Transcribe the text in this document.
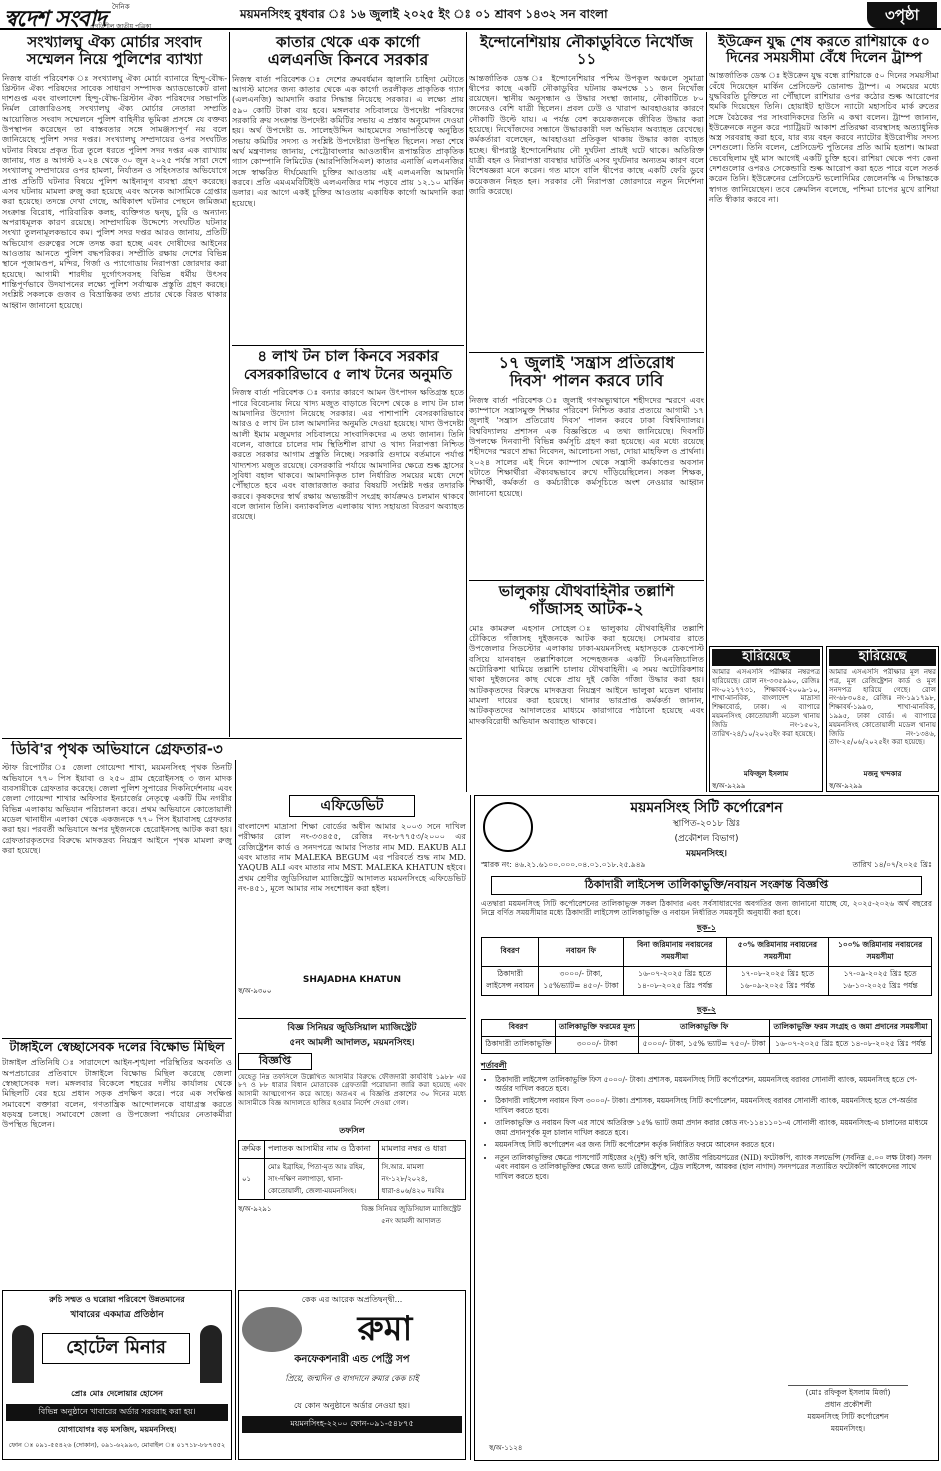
দৈনিক
স্বদেশ সংবাদ
প্রগতিশীল জাতীয় পত্রিকা
ময়মনসিংহ বুধবার ঃ ১৬ জুলাই ২০২৫ ইং ঃ ০১ শ্রাবণ ১৪৩২ সন বাংলা	৩পৃষ্ঠা
সংখ্যালঘু ঐক্য মোর্চার সংবাদ
সম্মেলন নিয়ে পুলিশের ব্যাখ্যা
নিজস্ব বার্তা পরিবেশক ঃ সংখ্যালঘু ঐক্য মোর্চা ব্যানারে হিন্দু-বৌদ্ধ-খ্রিস্টান ঐক্য পরিষদের সাবেক সাধারণ সম্পাদক অ্যাডভোকেট রানা দাশগুপ্ত এবং বাংলাদেশ হিন্দু-বৌদ্ধ-খ্রিস্টান ঐক্য পরিষদের সভাপতি নির্মল রোজারিওসহ সংখ্যালঘু ঐক্য মোর্চার নেতারা সম্প্রতি আয়োজিত সংবাদ সম্মেলনে পুলিশ বাহিনীর ভূমিকা প্রসঙ্গে যে বক্তব্য উপস্থাপন করেছেন তা বাস্তবতার সঙ্গে সামঞ্জস্যপূর্ণ নয় বলে জানিয়েছে পুলিশ সদর দপ্তর। সংখ্যালঘু সম্প্রদায়ের ওপর সংঘটিত ঘটনার বিষয়ে প্রকৃত চিত্র তুলে ধরতে পুলিশ সদর দপ্তর এক ব্যাখ্যায় জানায়, গত ৪ আগস্ট ২০২৪ থেকে ৩০ জুন ২০২৫ পর্যন্ত সারা দেশে সংখ্যালঘু সম্প্রদায়ের ওপর হামলা, নির্যাতন ও সহিংসতার অভিযোগে প্রাপ্ত প্রতিটি ঘটনার বিষয়ে পুলিশ আইনানুগ ব্যবস্থা গ্রহণ করেছে। এসব ঘটনায় মামলা রুজু করা হয়েছে এবং অনেক আসামিকে গ্রেপ্তার করা হয়েছে। তদন্তে দেখা গেছে, অধিকাংশ ঘটনার পেছনে জমিজমা সংক্রান্ত বিরোধ, পারিবারিক কলহ, ব্যক্তিগত দ্বন্দ্ব, চুরি ও অন্যান্য অপরাধমূলক কারণ রয়েছে। সাম্প্রদায়িক উদ্দেশ্যে সংঘটিত ঘটনার সংখ্যা তুলনামূলকভাবে কম। পুলিশ সদর দপ্তর আরও জানায়, প্রতিটি অভিযোগ গুরুত্বের সঙ্গে তদন্ত করা হচ্ছে এবং দোষীদের আইনের আওতায় আনতে পুলিশ বদ্ধপরিকর। সম্প্রীতি রক্ষায় দেশের বিভিন্ন স্থানে পূজামণ্ডপ, মন্দির, গির্জা ও প্যাগোডায় নিরাপত্তা জোরদার করা হয়েছে। আগামী শারদীয় দুর্গোৎসবসহ বিভিন্ন ধর্মীয় উৎসব শান্তিপূর্ণভাবে উদযাপনের লক্ষ্যে পুলিশ সর্বাত্মক প্রস্তুতি গ্রহণ করছে। সংশ্লিষ্ট সকলকে গুজব ও বিভ্রান্তিকর তথ্য প্রচার থেকে বিরত থাকার আহ্বান জানানো হয়েছে।
কাতার থেকে এক কার্গো
এলএনজি কিনবে সরকার
নিজস্ব বার্তা পরিবেশক ঃ দেশের ক্রমবর্ধমান জ্বালানি চাহিদা মেটাতে আগস্ট মাসের জন্য কাতার থেকে এক কার্গো তরলীকৃত প্রাকৃতিক গ্যাস (এলএনজি) আমদানি করার সিদ্ধান্ত নিয়েছে সরকার। এ লক্ষ্যে প্রায় ৫৯০ কোটি টাকা ব্যয় হবে। মঙ্গলবার সচিবালয়ে উপদেষ্টা পরিষদের সরকারি ক্রয় সংক্রান্ত উপদেষ্টা কমিটির সভায় এ প্রস্তাব অনুমোদন দেওয়া হয়। অর্থ উপদেষ্টা ড. সালেহউদ্দিন আহমেদের সভাপতিত্বে অনুষ্ঠিত সভায় কমিটির সদস্য ও সংশ্লিষ্ট উপদেষ্টারা উপস্থিত ছিলেন। সভা শেষে অর্থ মন্ত্রণালয় জানায়, পেট্রোবাংলার আওতাধীন রূপান্তরিত প্রাকৃতিক গ্যাস কোম্পানি লিমিটেড (আরপিজিসিএল) কাতার এনার্জি এলএনজির সঙ্গে স্বাক্ষরিত দীর্ঘমেয়াদি চুক্তির আওতায় এই এলএনজি আমদানি করবে। প্রতি এমএমবিটিইউ এলএনজির দাম পড়বে প্রায় ১২.১০ মার্কিন ডলার। এর আগে একই চুক্তির আওতায় একাধিক কার্গো আমদানি করা হয়েছে।
৪ লাখ টন চাল কিনবে সরকার
বেসরকারিভাবে ৫ লাখ টনের অনুমতি
নিজস্ব বার্তা পরিবেশক ঃ বন্যার কারণে আমন উৎপাদন ক্ষতিগ্রস্ত হতে পারে বিবেচনায় নিয়ে খাদ্য মজুত বাড়াতে বিদেশ থেকে ৪ লাখ টন চাল আমদানির উদ্যোগ নিয়েছে সরকার। এর পাশাপাশি বেসরকারিভাবে আরও ৫ লাখ টন চাল আমদানির অনুমতি দেওয়া হয়েছে। খাদ্য উপদেষ্টা আলী ইমাম মজুমদার সচিবালয়ে সাংবাদিকদের এ তথ্য জানান। তিনি বলেন, বাজারে চালের দাম স্থিতিশীল রাখা ও খাদ্য নিরাপত্তা নিশ্চিত করতে সরকার আগাম প্রস্তুতি নিচ্ছে। সরকারি গুদামে বর্তমানে পর্যাপ্ত খাদ্যশস্য মজুত রয়েছে। বেসরকারি পর্যায়ে আমদানির ক্ষেত্রে শুল্ক হ্রাসের সুবিধা বহাল থাকবে। আমদানিকৃত চাল নির্ধারিত সময়ের মধ্যে দেশে পৌঁছাতে হবে এবং বাজারজাত করার বিষয়টি সংশ্লিষ্ট দপ্তর তদারকি করবে। কৃষকদের স্বার্থ রক্ষায় অভ্যন্তরীণ সংগ্রহ কার্যক্রমও চলমান থাকবে বলে জানান তিনি। বন্যাকবলিত এলাকায় খাদ্য সহায়তা বিতরণ অব্যাহত রয়েছে।
ইন্দোনেশিয়ায় নৌকাডুবিতে নিখোঁজ ১১
আন্তর্জাতিক ডেস্ক ঃ ইন্দোনেশিয়ার পশ্চিম উপকূল অঞ্চলে সুমাত্রা দ্বীপের কাছে একটি নৌকাডুবির ঘটনায় কমপক্ষে ১১ জন নিখোঁজ রয়েছেন। স্থানীয় অনুসন্ধান ও উদ্ধার সংস্থা জানায়, নৌকাটিতে ৮০ জনেরও বেশি যাত্রী ছিলেন। প্রবল ঢেউ ও খারাপ আবহাওয়ার কারণে নৌকাটি উল্টে যায়। এ পর্যন্ত বেশ কয়েকজনকে জীবিত উদ্ধার করা হয়েছে। নিখোঁজদের সন্ধানে উদ্ধারকারী দল অভিযান অব্যাহত রেখেছে। কর্মকর্তারা বলেছেন, আবহাওয়া প্রতিকূল থাকায় উদ্ধার কাজ ব্যাহত হচ্ছে। দ্বীপরাষ্ট্র ইন্দোনেশিয়ায় নৌ দুর্ঘটনা প্রায়ই ঘটে থাকে। অতিরিক্ত যাত্রী বহন ও নিরাপত্তা ব্যবস্থার ঘাটতি এসব দুর্ঘটনার অন্যতম কারণ বলে বিশেষজ্ঞরা মনে করেন। গত মাসে বালি দ্বীপের কাছে একটি ফেরি ডুবে কয়েকজন নিহত হন। সরকার নৌ নিরাপত্তা জোরদারে নতুন নির্দেশনা জারি করেছে।
১৭ জুলাই 'সন্ত্রাস প্রতিরোধ
দিবস' পালন করবে ঢাবি
নিজস্ব বার্তা পরিবেশক ঃ জুলাই গণঅভ্যুত্থানে শহীদদের স্মরণে এবং ক্যাম্পাসে সন্ত্রাসমুক্ত শিক্ষার পরিবেশ নিশ্চিত করার প্রত্যয়ে আগামী ১৭ জুলাই 'সন্ত্রাস প্রতিরোধ দিবস' পালন করবে ঢাকা বিশ্ববিদ্যালয়। বিশ্ববিদ্যালয় প্রশাসন এক বিজ্ঞপ্তিতে এ তথ্য জানিয়েছে। দিবসটি উপলক্ষে দিনব্যাপী বিভিন্ন কর্মসূচি গ্রহণ করা হয়েছে। এর মধ্যে রয়েছে শহীদদের স্মরণে শ্রদ্ধা নিবেদন, আলোচনা সভা, দোয়া মাহফিল ও প্রার্থনা। ২০২৪ সালের এই দিনে ক্যাম্পাস থেকে সন্ত্রাসী কর্মকাণ্ডের অবসান ঘটাতে শিক্ষার্থীরা ঐক্যবদ্ধভাবে রুখে দাঁড়িয়েছিলেন। সকল শিক্ষক, শিক্ষার্থী, কর্মকর্তা ও কর্মচারীকে কর্মসূচিতে অংশ নেওয়ার আহ্বান জানানো হয়েছে।
ভালুকায় যৌথবাহিনীর তল্লাশি
গাঁজাসহ আটক-২
মোঃ কামরুল এহসান সোহেল ঃ ভালুকায় যৌথবাহিনীর তল্লাশি চৌকিতে গাঁজাসহ দুইজনকে আটক করা হয়েছে। সোমবার রাতে উপজেলার সিডস্টোর এলাকায় ঢাকা-ময়মনসিংহ মহাসড়কে চেকপোস্ট বসিয়ে যানবাহন তল্লাশিকালে সন্দেহজনক একটি সিএনজিচালিত অটোরিকশা থামিয়ে তল্লাশি চালায় যৌথবাহিনী। এ সময় অটোরিকশায় থাকা দুইজনের কাছ থেকে প্রায় দুই কেজি গাঁজা উদ্ধার করা হয়। আটককৃতদের বিরুদ্ধে মাদকদ্রব্য নিয়ন্ত্রণ আইনে ভালুকা মডেল থানায় মামলা দায়ের করা হয়েছে। থানার ভারপ্রাপ্ত কর্মকর্তা জানান, আটককৃতদের আদালতের মাধ্যমে কারাগারে পাঠানো হয়েছে এবং মাদকবিরোধী অভিযান অব্যাহত থাকবে।
ইউক্রেন যুদ্ধ শেষ করতে রাশিয়াকে ৫০
দিনের সময়সীমা বেঁধে দিলেন ট্রাম্প
আন্তর্জাতিক ডেস্ক ঃ ইউক্রেন যুদ্ধ বন্ধে রাশিয়াকে ৫০ দিনের সময়সীমা বেঁধে দিয়েছেন মার্কিন প্রেসিডেন্ট ডোনাল্ড ট্রাম্প। এ সময়ের মধ্যে যুদ্ধবিরতি চুক্তিতে না পৌঁছালে রাশিয়ার ওপর কঠোর শুল্ক আরোপের হুমকি দিয়েছেন তিনি। হোয়াইট হাউসে ন্যাটো মহাসচিব মার্ক রুতের সঙ্গে বৈঠকের পর সাংবাদিকদের তিনি এ কথা বলেন। ট্রাম্প জানান, ইউক্রেনকে নতুন করে প্যাট্রিয়ট আকাশ প্রতিরক্ষা ব্যবস্থাসহ অত্যাধুনিক অস্ত্র সরবরাহ করা হবে, যার ব্যয় বহন করবে ন্যাটোর ইউরোপীয় সদস্য দেশগুলো। তিনি বলেন, প্রেসিডেন্ট পুতিনের প্রতি আমি হতাশ। আমরা ভেবেছিলাম দুই মাস আগেই একটি চুক্তি হবে। রাশিয়া থেকে পণ্য কেনা দেশগুলোর ওপরও সেকেন্ডারি শুল্ক আরোপ করা হতে পারে বলে সতর্ক করেন তিনি। ইউক্রেনের প্রেসিডেন্ট ভলোদিমির জেলেনস্কি এ সিদ্ধান্তকে স্বাগত জানিয়েছেন। তবে ক্রেমলিন বলেছে, পশ্চিমা চাপের মুখে রাশিয়া নতি স্বীকার করবে না।
হারিয়েছে
আমার এসএসসি পরীক্ষার নম্বরপত্র হারিয়েছে। রোল নং-৩৩৫৯৯০, রেজিঃ নং-০২১৭৭৩১, শিক্ষাবর্ষ-২০০৯-১০, শাখা-মানবিক, বাংলাদেশ মাদ্রাসা শিক্ষাবোর্ড, ঢাকা। এ ব্যাপারে ময়মনসিংহ কোতোয়ালী মডেল থানায় জিডি নং-১৫০২, তারিখ-২৪/১০/২০২৫ইং করা হয়েছে।
মফিজুল ইসলাম
স্ব/অ-৯২৯৯
হারিয়েছে
আমার এসএসসি পরীক্ষার মূল নম্বর পত্র, মূল রেজিষ্ট্রেশন কার্ড ও মূল সনদপত্র হারিয়ে গেছে। রোল নং-৬৮৩০৪৫, রেজিঃ নং-১৯১৭৯৮, শিক্ষাবর্ষ-১৯৯৩, শাখা-মানবিক, ১৯৯৫, ঢাকা বোর্ড। এ ব্যাপারে ময়মনসিংহ কোতোয়ালী মডেল থানায় জিডি নং-১৩৪৬, তাং-২৫/০৬/২০২৫ইং করা হয়েছে।
মজনু খন্দকার
স্ব/অ-৯২৯৯
ডিবি'র পৃথক অভিযানে গ্রেফতার-৩
স্টাফ রিপোর্টার ঃ জেলা গোয়েন্দা শাখা, ময়মনসিংহ পৃথক তিনটি অভিযানে ৭৭০ পিস ইয়াবা ও ২৫০ গ্রাম হেরোইনসহ ৩ জন মাদক ব্যবসায়ীকে গ্রেফতার করেছে। জেলা পুলিশ সুপারের দিকনির্দেশনায় এবং জেলা গোয়েন্দা শাখার অফিসার ইনচার্জের নেতৃত্বে একটি টিম নগরীর বিভিন্ন এলাকায় অভিযান পরিচালনা করে। প্রথম অভিযানে কোতোয়ালী মডেল থানাধীন এলাকা থেকে একজনকে ৭৭০ পিস ইয়াবাসহ গ্রেফতার করা হয়। পরবর্তী অভিযানে অপর দুইজনকে হেরোইনসহ আটক করা হয়। গ্রেফতারকৃতদের বিরুদ্ধে মাদকদ্রব্য নিয়ন্ত্রণ আইনে পৃথক মামলা রুজু করা হয়েছে।
টাঙ্গাইলে স্বেচ্ছাসেবক দলের বিক্ষোভ মিছিল
টাঙ্গাইল প্রতিনিধি ঃ সারাদেশে আইন-শৃঙ্খলা পরিস্থিতির অবনতি ও অপপ্রচারের প্রতিবাদে টাঙ্গাইলে বিক্ষোভ মিছিল করেছে জেলা স্বেচ্ছাসেবক দল। মঙ্গলবার বিকেলে শহরের দলীয় কার্যালয় থেকে মিছিলটি বের হয়ে প্রধান সড়ক প্রদক্ষিণ করে। পরে এক সংক্ষিপ্ত সমাবেশে বক্তারা বলেন, গণতান্ত্রিক আন্দোলনকে বাধাগ্রস্ত করতে ষড়যন্ত্র চলছে। সমাবেশে জেলা ও উপজেলা পর্যায়ের নেতাকর্মীরা উপস্থিত ছিলেন।
এফিডেভিট
বাংলাদেশ মাদ্রাসা শিক্ষা বোর্ডের অধীন আমার ২০০৩ সনে দাখিল পরীক্ষার রোল নং-৩৩৪৫৫, রেজিঃ নং-৮৭৭৫৩/২০০০ এর রেজিষ্ট্রেশন কার্ড ও সনদপত্রে আমার পিতার নাম MD. EAKUB ALI এবং মাতার নাম MALEKA BEGUM এর পরিবর্তে শুদ্ধ নাম MD. YAQUB ALI এবং মাতার নাম MST. MALEKA KHATUN হইবে। প্রথম শ্রেণীর জুডিসিয়াল ম্যাজিস্ট্রেট আদালত ময়মনসিংহে এফিডেভিট নং-৪৫১, মূলে আমার নাম সংশোধন করা হইল।
SHAJADHA KHATUN
স্ব/অ-৯৩০০
বিজ্ঞ সিনিয়র জুডিসিয়াল ম্যাজিস্ট্রেট
৫নং আমলী আদালত, ময়মনসিংহ।
বিজ্ঞপ্তি
যেহেতু নিম্ন তফসিলে উল্লেখিত আসামীর বিরুদ্ধে ফৌজদারী কার্যবিধি ১৯৮৮ এর ৮৭ ও ৮৮ ধারার বিধান মোতাবেক গ্রেফতারী পরোয়ানা জারি করা হয়েছে এবং আসামী আত্মগোপন করে আছে। অতএব এ বিজ্ঞপ্তি প্রকাশের ৩০ দিনের মধ্যে আসামীকে বিজ্ঞ আদালতে হাজির হওয়ার নির্দেশ দেওয়া গেল।
তফসিল
ক্রমিক	পলাতক আসামীর নাম ও ঠিকানা	মামলার নম্বর ও ধারা
০১	মোঃ ইব্রাহিম, পিতা-মৃত আঃ রহিম, সাং-দক্ষিণ নলাপাড়া, থানা-কোতোয়ালী, জেলা-ময়মনসিংহ।	সি.আর. মামলা নং-১২৮/২০২৪, ধারা-৪০৬/৪২০ দঃবিঃ
স্ব/অ-৯২৯১	বিজ্ঞ সিনিয়র জুডিসিয়াল ম্যাজিস্ট্রেট ৫নং আমলী আদালত
রুচি সম্মত ও ঘরোয়া পরিবেশে উন্নতমানের
খাবারের একমাত্র প্রতিষ্ঠান
হোটেল মিনার
প্রোঃ মোঃ দেলোয়ার হোসেন
বিভিন্ন অনুষ্ঠানে খাবারের অর্ডার সরবরাহ করা হয়।
যোগাযোগঃ বড় মসজিদ, ময়মনসিংহ।
ফোন ঃ ০৯১-৫৫৪২৬ (দোকান), ০৯১-৬২৯৯৩, মোবাইল ঃ ০১৭১৮-৮৮৭৫৫২
কেক এর আরেক অপ্রতিদ্বন্দ্বী...
রুমা
কনফেকশনারী এন্ড পেস্ট্রি সপ
প্রিয়ে, জন্মদিন ও বাগদানে রুমার কেক চাই
যে কোন অনুষ্ঠানে অর্ডার নেওয়া হয়।
ময়মনসিংহ-২২০০ ফোন-০৯১-৫৪৮৭৫
ময়মনসিংহ সিটি কর্পোরেশন
স্থাপিত-২০১৮ খ্রিঃ
(প্রকৌশল বিভাগ)
ময়মনসিংহ।
স্মারক নং: ৪৬.২১.৬১০০.০০০.০৪.০১.০১৮.২৫.৯৪৯	তারিখ ১৪/০৭/২০২৫ খ্রিঃ
ঠিকাদারী লাইসেন্স তালিকাভুক্তি/নবায়ন সংক্রান্ত বিজ্ঞপ্তি
এতদ্বারা ময়মনসিংহ সিটি কর্পোরেশনের তালিকাভুক্ত সকল ঠিকাদার এবং সর্বসাধারণের অবগতির জন্য জানানো যাচ্ছে যে, ২০২৫-২০২৬ অর্থ বছরের নিম্নে বর্ণিত সময়সীমার মধ্যে ঠিকাদারী লাইসেন্স তালিকাভুক্তি ও নবায়ন নির্ধারিত সময়সূচী অনুযায়ী করা হবে।
ছক-১
বিবরণ	নবায়ন ফি	বিনা জরিমানায় নবায়নের সময়সীমা	৫০% জরিমানায় নবায়নের সময়সীমা	১০০% জরিমানায় নবায়নের সময়সীমা
ঠিকাদারী লাইসেন্স নবায়ন	৩০০০/- টাকা, ১৫%ভ্যাট= ৪৫০/- টাকা	১৬-০৭-২০২৫ খ্রিঃ হতে ১৪-০৮-২০২৫ খ্রিঃ পর্যন্ত	১৭-০৮-২০২৫ খ্রিঃ হতে ১৬-০৯-২০২৫ খ্রিঃ পর্যন্ত	১৭-০৯-২০২৫ খ্রিঃ হতে ১৬-১০-২০২৫ খ্রিঃ পর্যন্ত
ছক-২
বিবরণ	তালিকাভুক্তি ফরমের মূল্য	তালিকাভুক্তি ফি	তালিকাভুক্তি ফরম সংগ্রহ ও জমা প্রদানের সময়সীমা
ঠিকাদারী তালিকাভুক্তি	৩০০০/- টাকা	৫০০০/- টাকা, ১৫% ভ্যাট= ৭৫০/- টাকা	১৬-০৭-২০২৫ খ্রিঃ হতে ১৪-০৮-২০২৫ খ্রিঃ পর্যন্ত
শর্তাবলী
• ঠিকাদারী লাইসেন্স তালিকাভুক্তি ফিস ৫০০০/- টাকা। প্রশাসক, ময়মনসিংহ সিটি কর্পোরেশন, ময়মনসিংহ বরাবর সোনালী ব্যাংক, ময়মনসিংহ হতে পে-অর্ডার দাখিল করতে হবে।
• ঠিকাদারী লাইসেন্স নবায়ন ফিস ৩০০০/- টাকা। প্রশাসক, ময়মনসিংহ সিটি কর্পোরেশন, ময়মনসিংহ বরাবর সোনালী ব্যাংক, ময়মনসিংহ হতে পে-অর্ডার দাখিল করতে হবে।
• তালিকাভুক্তি ও নবায়ন ফিস এর সাথে অতিরিক্ত ১৫% ভ্যাট জমা প্রদান করার কোড নং-১১৪১১০১-এ সোনালী ব্যাংক, ময়মনসিংহ-এ চালানের মাধ্যমে জমা প্রদানপূর্বক মূল চালান দাখিল করতে হবে।
• ময়মনসিংহ সিটি কর্পোরেশন এর জন্য সিটি কর্পোরেশন কর্তৃক নির্ধারিত ফরমে আবেদন করতে হবে।
• নতুন তালিকাভুক্তির ক্ষেত্রে পাসপোর্ট সাইজের ২(দুই) কপি ছবি, জাতীয় পরিচয়পত্রের (NID) ফটোকপি, ব্যাংক সলভেন্সি (সর্বনিম্ন ৫.০০ লক্ষ টাকা) সনদ এবং নবায়ন ও তালিকাভুক্তির ক্ষেত্রে জন্য ভ্যাট রেজিষ্ট্রেশন, ট্রেড লাইসেন্স, আয়কর (হাল নাগাদ) সনদপত্রের সত্যায়িত ফটোকপি আবেদনের সাথে দাখিল করতে হবে।
(মোঃ রফিকুল ইসলাম মির্জা)
প্রধান প্রকৌশলী
ময়মনসিংহ সিটি কর্পোরেশন
ময়মনসিংহ।
স্ব/অ-১১২৪
